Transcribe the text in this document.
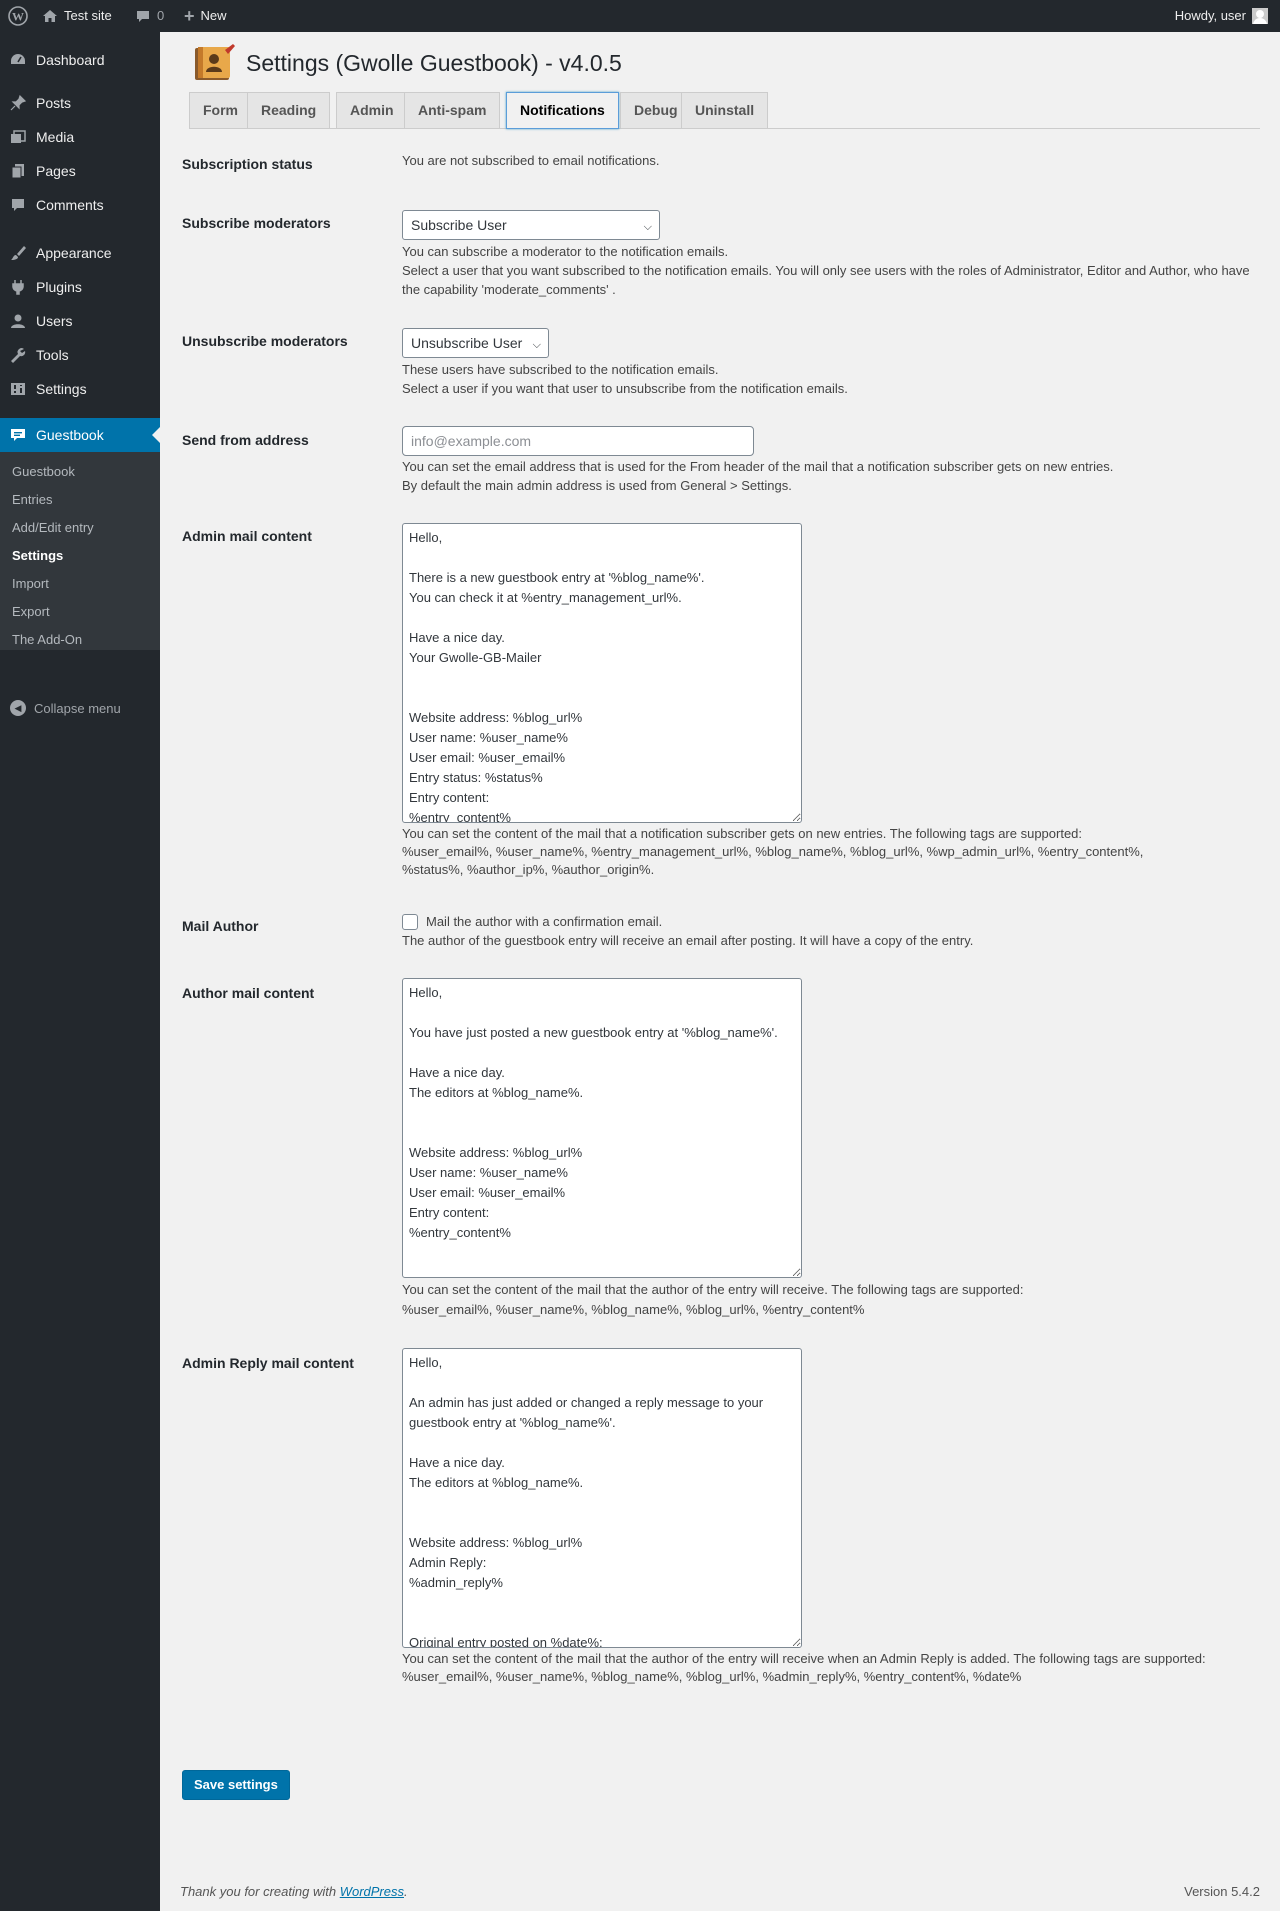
W	Test site	0 + New	Howdy, user
Dashboard
Posts
Media
Pages
Comments
Appearance
Plugins
Users
Tools
Settings
Guestbook
Guestbook
Entries
Add/Edit entry
Settings
Import
Export
The Add-On
◀ Collapse menu
Settings (Gwolle Guestbook) - v4.0.5
Form	Reading	Admin	Anti-spam	Notifications	Debug	Uninstall
Subscription status	You are not subscribed to email notifications.
Subscribe moderators
Subscribe User	⌵
You can subscribe a moderator to the notification emails.
Select a user that you want subscribed to the notification emails. You will only see users with the roles of Administrator, Editor and Author, who have the capability 'moderate_comments' .
Unsubscribe moderators
Unsubscribe User	⌵
These users have subscribed to the notification emails.
Select a user if you want that user to unsubscribe from the notification emails.
Send from address
info@example.com
You can set the email address that is used for the From header of the mail that a notification subscriber gets on new entries.
By default the main admin address is used from General > Settings.
Admin mail content
Hello, There is a new guestbook entry at '%blog_name%'. You can check it at %entry_management_url%. Have a nice day. Your Gwolle-GB-Mailer Website address: %blog_url% User name: %user_name% User email: %user_email% Entry status: %status% Entry content: %entry_content%
You can set the content of the mail that a notification subscriber gets on new entries. The following tags are supported:
%user_email%, %user_name%, %entry_management_url%, %blog_name%, %blog_url%, %wp_admin_url%, %entry_content%,
%status%, %author_ip%, %author_origin%.
Mail Author	Mail the author with a confirmation email.
The author of the guestbook entry will receive an email after posting. It will have a copy of the entry.
Author mail content
Hello, You have just posted a new guestbook entry at '%blog_name%'. Have a nice day. The editors at %blog_name%. Website address: %blog_url% User name: %user_name% User email: %user_email% Entry content: %entry_content%
You can set the content of the mail that the author of the entry will receive. The following tags are supported:
%user_email%, %user_name%, %blog_name%, %blog_url%, %entry_content%
Admin Reply mail content
Hello, An admin has just added or changed a reply message to your guestbook entry at '%blog_name%'. Have a nice day. The editors at %blog_name%. Website address: %blog_url% Admin Reply: %admin_reply% Original entry posted on %date%:
You can set the content of the mail that the author of the entry will receive when an Admin Reply is added. The following tags are supported:
%user_email%, %user_name%, %blog_name%, %blog_url%, %admin_reply%, %entry_content%, %date%
Save settings
Thank you for creating with WordPress.	Version 5.4.2
